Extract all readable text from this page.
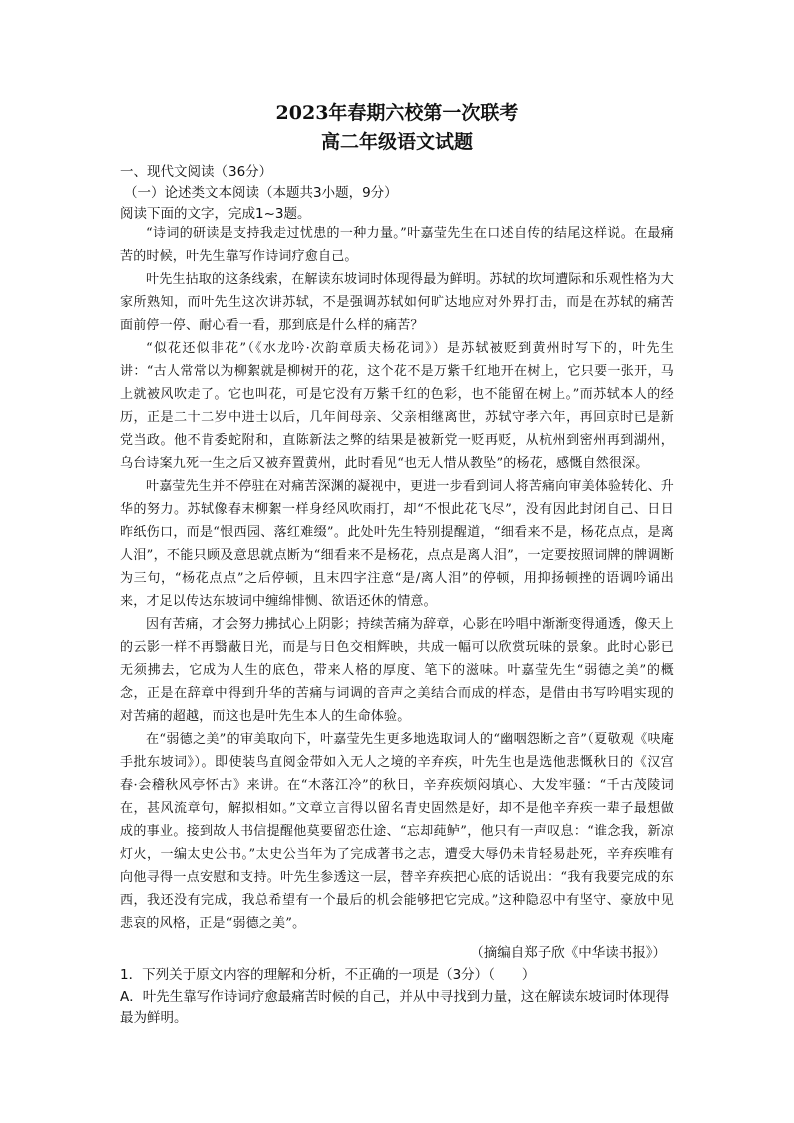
2023年春期六校第一次联考
高二年级语文试题
一、现代文阅读（36分）
（一）论述类文本阅读（本题共3小题，9分）
阅读下面的文字，完成1~3题。

“诗词的研读是支持我走过忧患的一种力量。”叶嘉莹先生在口述自传的结尾这样说。在最痛苦的时候，叶先生靠写作诗词疗愈自己。

叶先生拈取的这条线索，在解读东坡词时体现得最为鲜明。苏轼的坎坷遭际和乐观性格为大家所熟知，而叶先生这次讲苏轼，不是强调苏轼如何旷达地应对外界打击，而是在苏轼的痛苦面前停一停、耐心看一看，那到底是什么样的痛苦？

“似花还似非花”（《水龙吟·次韵章质夫杨花词》）是苏轼被贬到黄州时写下的，叶先生讲：“古人常常以为柳絮就是柳树开的花，这个花不是万紫千红地开在树上，它只要一张开，马上就被风吹走了。它也叫花，可是它没有万紫千红的色彩，也不能留在树上。”而苏轼本人的经历，正是二十二岁中进士以后，几年间母亲、父亲相继离世，苏轼守孝六年，再回京时已是新党当政。他不肯委蛇附和，直陈新法之弊的结果是被新党一贬再贬，从杭州到密州再到湖州，乌台诗案九死一生之后又被弃置黄州，此时看见“也无人惜从教坠”的杨花，感慨自然很深。

叶嘉莹先生并不停驻在对痛苦深渊的凝视中，更进一步看到词人将苦痛向审美体验转化、升华的努力。苏轼像春末柳絮一样身经风吹雨打，却“不恨此花飞尽”，没有因此封闭自己、日日昨纸伤口，而是“恨西园、落红难缀”。此处叶先生特别提醒道，“细看来不是，杨花点点，是离人泪”，不能只顾及意思就点断为“细看来不是杨花，点点是离人泪”，一定要按照词牌的牌调断为三句，“杨花点点”之后停顿，且末四字注意“是/离人泪”的停顿，用抑扬顿挫的语调吟诵出来，才足以传达东坡词中缠绵悱恻、欲语还休的情意。

因有苦痛，才会努力拂拭心上阴影；持续苦痛为辞章，心影在吟唱中渐渐变得通透，像天上的云影一样不再翳蔽日光，而是与日色交相辉映，共成一幅可以欣赏玩味的景象。此时心影已无须拂去，它成为人生的底色，带来人格的厚度、笔下的滋味。叶嘉莹先生“弱德之美”的概念，正是在辞章中得到升华的苦痛与词调的音声之美结合而成的样态，是借由书写吟唱实现的对苦痛的超越，而这也是叶先生本人的生命体验。

在“弱德之美”的审美取向下，叶嘉莹先生更多地选取词人的“幽咽怨断之音”（夏敬观《吷庵手批东坡词》）。即使装鸟直阅金带如入无人之境的辛弃疾，叶先生也是选他悲慨秋日的《汉宫春·会稽秋风亭怀古》来讲。在“木落江冷”的秋日，辛弃疾烦闷填心、大发牢骚：“千古茂陵词在，甚风流章句，解拟相如。”文章立言得以留名青史固然是好，却不是他辛弃疾一辈子最想做成的事业。接到故人书信提醒他莫要留恋仕途、“忘却莼鲈”，他只有一声叹息：“谁念我，新凉灯火，一编太史公书。”太史公当年为了完成著书之志，遭受大辱仍未肯轻易赴死，辛弃疾唯有向他寻得一点安慰和支持。叶先生参透这一层，替辛弃疾把心底的话说出：“我有我要完成的东西，我还没有完成，我总希望有一个最后的机会能够把它完成。”这种隐忍中有坚守、豪放中见悲哀的风格，正是“弱德之美”。

（摘编自郑子欣《中华读书报》）
1．下列关于原文内容的理解和分析，不正确的一项是（3分）（　　）
A．叶先生靠写作诗词疗愈最痛苦时候的自己，并从中寻找到力量，这在解读东坡词时体现得最为鲜明。
